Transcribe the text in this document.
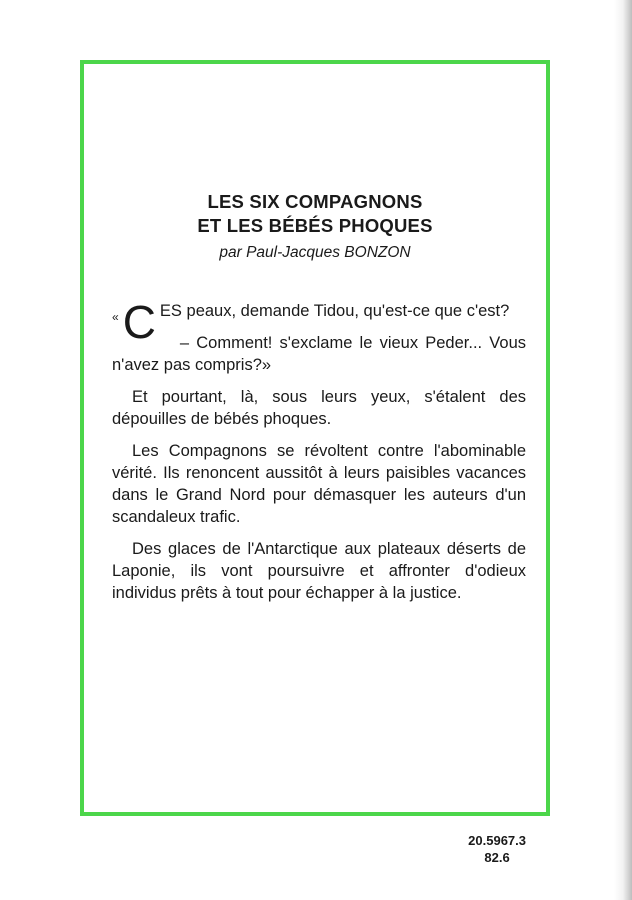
LES SIX COMPAGNONS
ET LES BÉBÉS PHOQUES
par Paul-Jacques BONZON

« C ES peaux, demande Tidou, qu'est-ce que c'est?

– Comment! s'exclame le vieux Peder... Vous n'avez pas compris?»

Et pourtant, là, sous leurs yeux, s'étalent des dépouilles de bébés phoques.

Les Compagnons se révoltent contre l'abominable vérité. Ils renoncent aussitôt à leurs paisibles vacances dans le Grand Nord pour démasquer les auteurs d'un scandaleux trafic.

Des glaces de l'Antarctique aux plateaux déserts de Laponie, ils vont poursuivre et affronter d'odieux individus prêts à tout pour échapper à la justice.

20.5967.3
82.6
